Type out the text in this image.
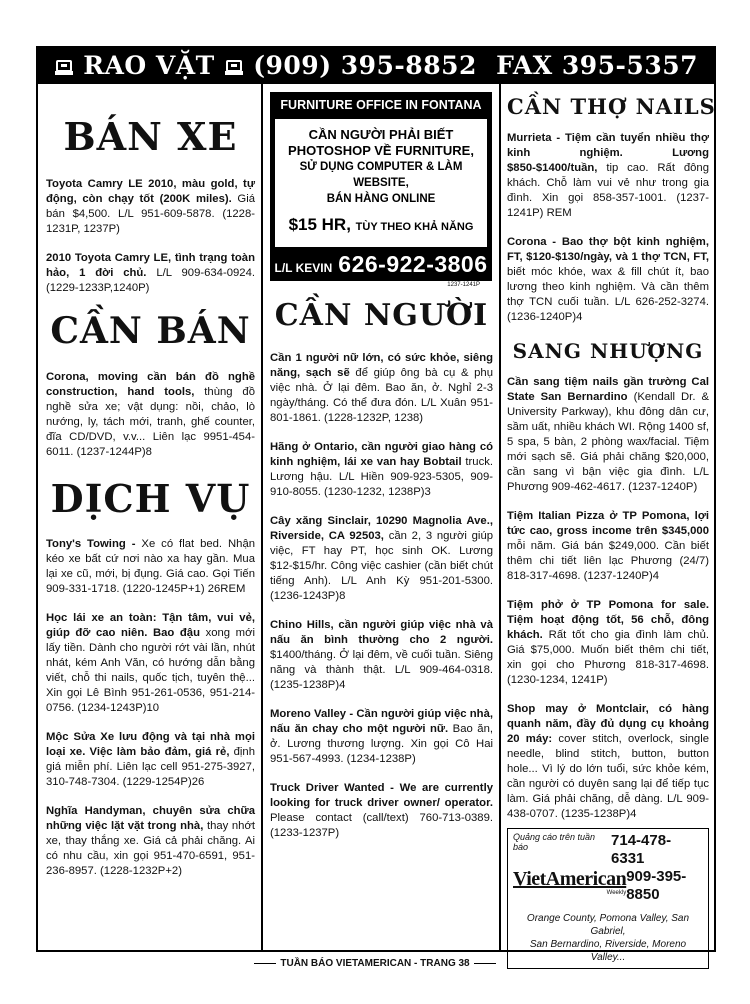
RAO VẶT (909) 395-8852 FAX 395-5357
BÁN XE
Toyota Camry LE 2010, màu gold, tự động, còn chạy tốt (200K miles). Giá bán $4,500. L/L 951-609-5878. (1228-1231P, 1237P)
2010 Toyota Camry LE, tình trạng toàn hảo, 1 đời chủ. L/L 909-634-0924. (1229-1233P,1240P)
CẦN BÁN
Corona, moving cần bán đồ nghề construction, hand tools, thùng đồ nghề sửa xe; vật dụng: nồi, chảo, lò nướng, ly, tách mới, tranh, ghế counter, đĩa CD/DVD, v.v... Liên lạc 9951-454-6011. (1237-1244P)8
DỊCH VỤ
Tony's Towing - Xe có flat bed. Nhận kéo xe bất cứ nơi nào xa hay gần. Mua lại xe cũ, mới, bị đụng. Giá cao. Gọi Tiến 909-331-1718. (1220-1245P+1) 26REM
Học lái xe an toàn: Tận tâm, vui vẻ, giúp đỡ cao niên. Bao đậu xong mới lấy tiền. Dành cho người rớt vài lần, nhút nhát, kém Anh Văn, có hướng dẫn bằng viết, chỗ thi nails, quốc tịch, tuyên thệ... Xin gọi Lê Bình 951-261-0536, 951-214-0756. (1234-1243P)10
Mộc Sửa Xe lưu động và tại nhà mọi loại xe. Việc làm bảo đảm, giá rẻ, định giá miễn phí. Liên lạc cell 951-275-3927, 310-748-7304. (1229-1254P)26
Nghĩa Handyman, chuyên sửa chữa những việc lặt vặt trong nhà, thay nhớt xe, thay thắng xe. Giá cả phải chăng. Ai có nhu cầu, xin gọi 951-470-6591, 951-236-8957. (1228-1232P+2)
FURNITURE OFFICE IN FONTANA
CẦN NGƯỜI PHẢI BIẾT
PHOTOSHOP VỀ FURNITURE,
SỬ DỤNG COMPUTER & LÀM WEBSITE,
BÁN HÀNG ONLINE
$15 HR, TÙY THEO KHẢ NĂNG
L/L KEVIN 626-922-3806
1237-1241P
CẦN NGƯỜI
Cần 1 người nữ lớn, có sức khỏe, siêng năng, sạch sẽ để giúp ông bà cụ & phụ việc nhà. Ở lại đêm. Bao ăn, ở. Nghỉ 2-3 ngày/tháng. Có thể đưa đón. L/L Xuân 951-801-1861. (1228-1232P, 1238)
Hãng ở Ontario, cần người giao hàng có kinh nghiệm, lái xe van hay Bobtail truck. Lương hậu. L/L Hiền 909-923-5305, 909-910-8055. (1230-1232, 1238P)3
Cây xăng Sinclair, 10290 Magnolia Ave., Riverside, CA 92503, cần 2, 3 người giúp việc, FT hay PT, học sinh OK. Lương $12-$15/hr. Công việc cashier (cần biết chút tiếng Anh). L/L Anh Kỳ 951-201-5300. (1236-1243P)8
Chino Hills, cần người giúp việc nhà và nấu ăn bình thường cho 2 người. $1400/tháng. Ở lại đêm, về cuối tuần. Siêng năng và thành thật. L/L 909-464-0318. (1235-1238P)4
Moreno Valley - Cần người giúp việc nhà, nấu ăn chay cho một người nữ. Bao ăn, ở. Lương thương lượng. Xin gọi Cô Hai 951-567-4993. (1234-1238P)
Truck Driver Wanted - We are currently looking for truck driver owner/ operator. Please contact (call/text) 760-713-0389. (1233-1237P)
CẦN THỢ NAILS
Murrieta - Tiệm cần tuyển nhiều thợ kinh nghiệm. Lương $850-$1400/tuần, tip cao. Rất đông khách. Chỗ làm vui vẻ như trong gia đình. Xin gọi 858-357-1001. (1237-1241P) REM
Corona - Bao thợ bột kinh nghiệm, FT, $120-$130/ngày, và 1 thợ TCN, FT, biết móc khóe, wax & fill chút ít, bao lương theo kinh nghiệm. Và cần thêm thợ TCN cuối tuần. L/L 626-252-3274. (1236-1240P)4
SANG NHƯỢNG
Cần sang tiệm nails gần trường Cal State San Bernardino (Kendall Dr. & University Parkway), khu đông dân cư, sầm uất, nhiều khách WI. Rộng 1400 sf, 5 spa, 5 bàn, 2 phòng wax/facial. Tiệm mới sạch sẽ. Giá phải chăng $20,000, cần sang vì bận việc gia đình. L/L Phương 909-462-4617. (1237-1240P)
Tiệm Italian Pizza ở TP Pomona, lợi tức cao, gross income trên $345,000 mỗi năm. Giá bán $249,000. Cần biết thêm chi tiết liên lạc Phương (24/7) 818-317-4698. (1237-1240P)4
Tiệm phở ở TP Pomona for sale. Tiệm hoạt động tốt, 56 chỗ, đông khách. Rất tốt cho gia đình làm chủ. Giá $75,000. Muốn biết thêm chi tiết, xin gọi cho Phương 818-317-4698. (1230-1234, 1241P)
Shop may ở Montclair, có hàng quanh năm, đầy đủ dụng cụ khoảng 20 máy: cover stitch, overlock, single needle, blind stitch, button, button hole... Vì lý do lớn tuổi, sức khỏe kém, cần người có duyên sang lại để tiếp tục làm. Giá phải chăng, dễ dàng. L/L 909-438-0707. (1235-1238P)4
Quảng cáo trên tuần báo	714-478-6331
VietAmerican
Weekly
909-395-8850
Orange County, Pomona Valley, San Gabriel,
San Bernardino, Riverside, Moreno Valley...
TUẦN BÁO VIETAMERICAN - TRANG 38
